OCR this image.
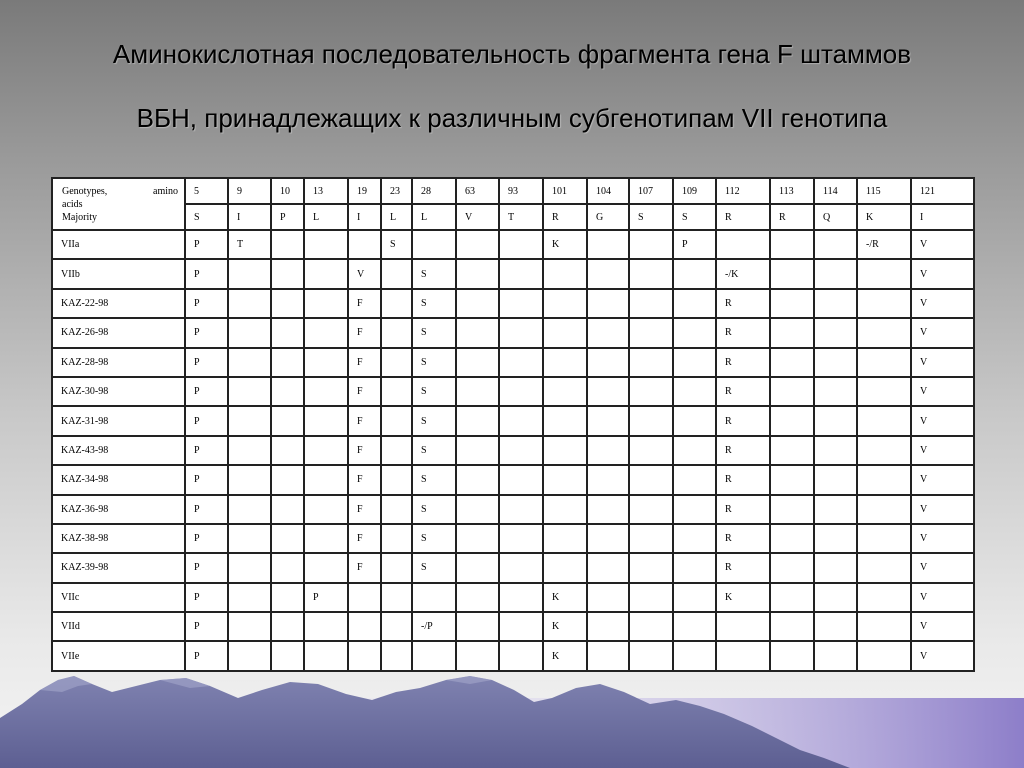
Аминокислотная последовательность фрагмента гена F штаммов
ВБН, принадлежащих к различным субгенотипам VII генотипа
Genotypes, amino
acids
Majority	5	9	10	13	19	23	28	63	93	101	104	107	109	112	113	114	115	121
	S	I	P	L	I	L	L	V	T	R	G	S	S	R	R	Q	K	I
VIIa	P	T				S				K			P				-/R	V
VIIb	P				V		S							-/K				V
KAZ-22-98	P				F		S							R				V
KAZ-26-98	P				F		S							R				V
KAZ-28-98	P				F		S							R				V
KAZ-30-98	P				F		S							R				V
KAZ-31-98	P				F		S							R				V
KAZ-43-98	P				F		S							R				V
KAZ-34-98	P				F		S							R				V
KAZ-36-98	P				F		S							R				V
KAZ-38-98	P				F		S							R				V
KAZ-39-98	P				F		S							R				V
VIIc	P			P						K				K				V
VIId	P						-/P			K								V
VIIe	P									K								V
